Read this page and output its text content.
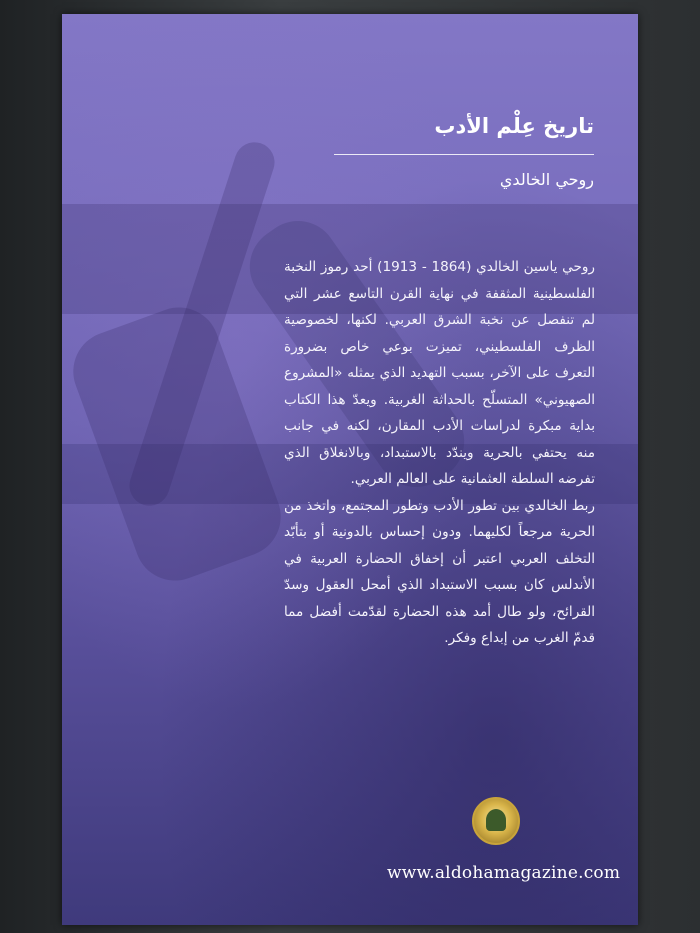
تاريخ عِلْم الأدب
روحي الخالدي

روحي ياسين الخالدي (1864 - 1913) أحد رموز النخبة الفلسطينية المثقفة في نهاية القرن التاسع عشر التي لم تنفصل عن نخبة الشرق العربي. لكنها، لخصوصية الظرف الفلسطيني، تميزت بوعي خاص بضرورة التعرف على الآخر، بسبب التهديد الذي يمثله «المشروع الصهيوني» المتسلّح بالحداثة الغربية. ويعدّ هذا الكتاب بداية مبكرة لدراسات الأدب المقارن، لكنه في جانب منه يحتفي بالحرية ويندّد بالاستبداد، وبالانغلاق الذي تفرضه السلطة العثمانية على العالم العربي.

ربط الخالدي بين تطور الأدب وتطور المجتمع، واتخذ من الحرية مرجعاً لكليهما. ودون إحساس بالدونية أو بتأبّد التخلف العربي اعتبر أن إخفاق الحضارة العربية في الأندلس كان بسبب الاستبداد الذي أمحل العقول وسدّ القرائح، ولو طال أمد هذه الحضارة لقدّمت أفضل مما قدمّ الغرب من إبداع وفكر.

www.aldohamagazine.com
